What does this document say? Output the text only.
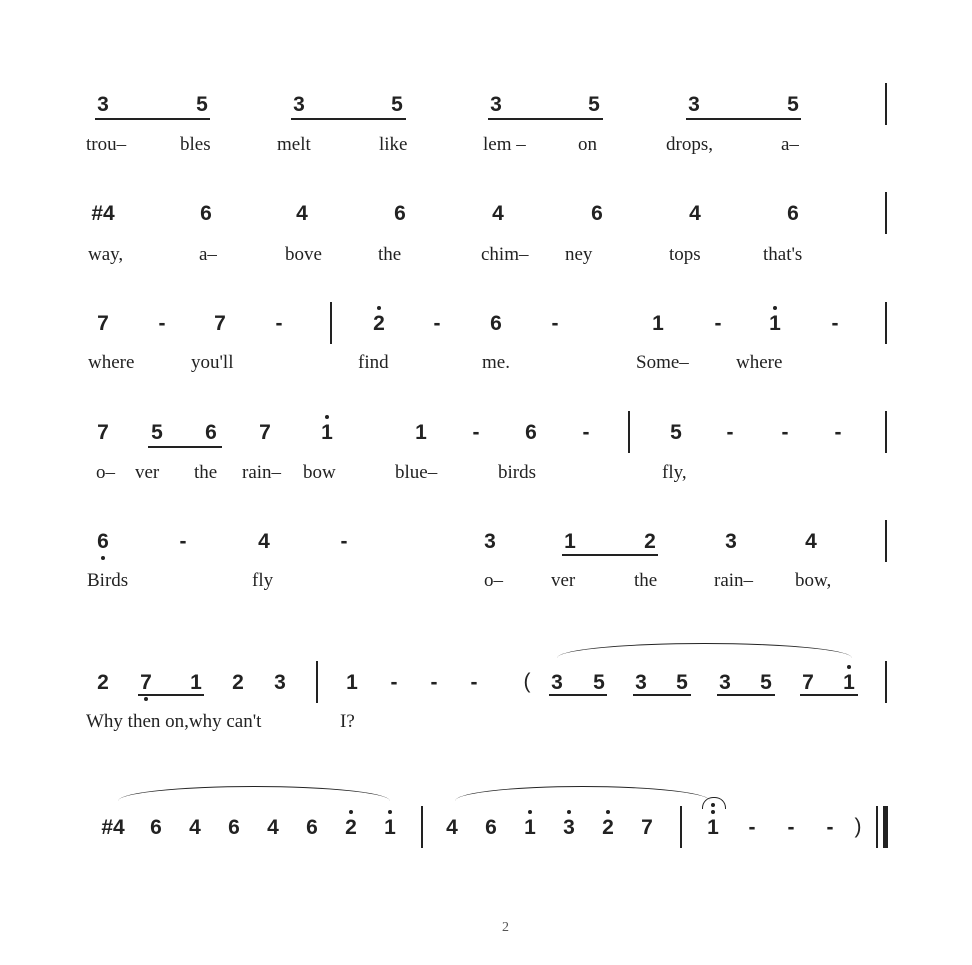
3	5	3	5	3	5	3	5
trou–	bles	melt	like	lem –	on	drops,	a–
#4	6	4	6	4	6	4	6
way,	a–	bove	the	chim– ney	tops	that's
7 - 7 -	2 - 6 -	1 - 1 -
where	you'll	find	me.	Some– where
7 5 6 7 1	1 - 6 -	5 - - -
o– ver the rain– bow	blue–	birds	fly,
6	-	4	-	3	1	2	3	4
Birds	fly	o–	ver	the	rain– bow,
2 7 1 2 3	1 - - - ( 3 5 3 5 3 5 7 1
Why then on,why can't	I?
#4 6 4 6 4 6 2 1 4 6 1 3 2 7	1 - - - )
2
